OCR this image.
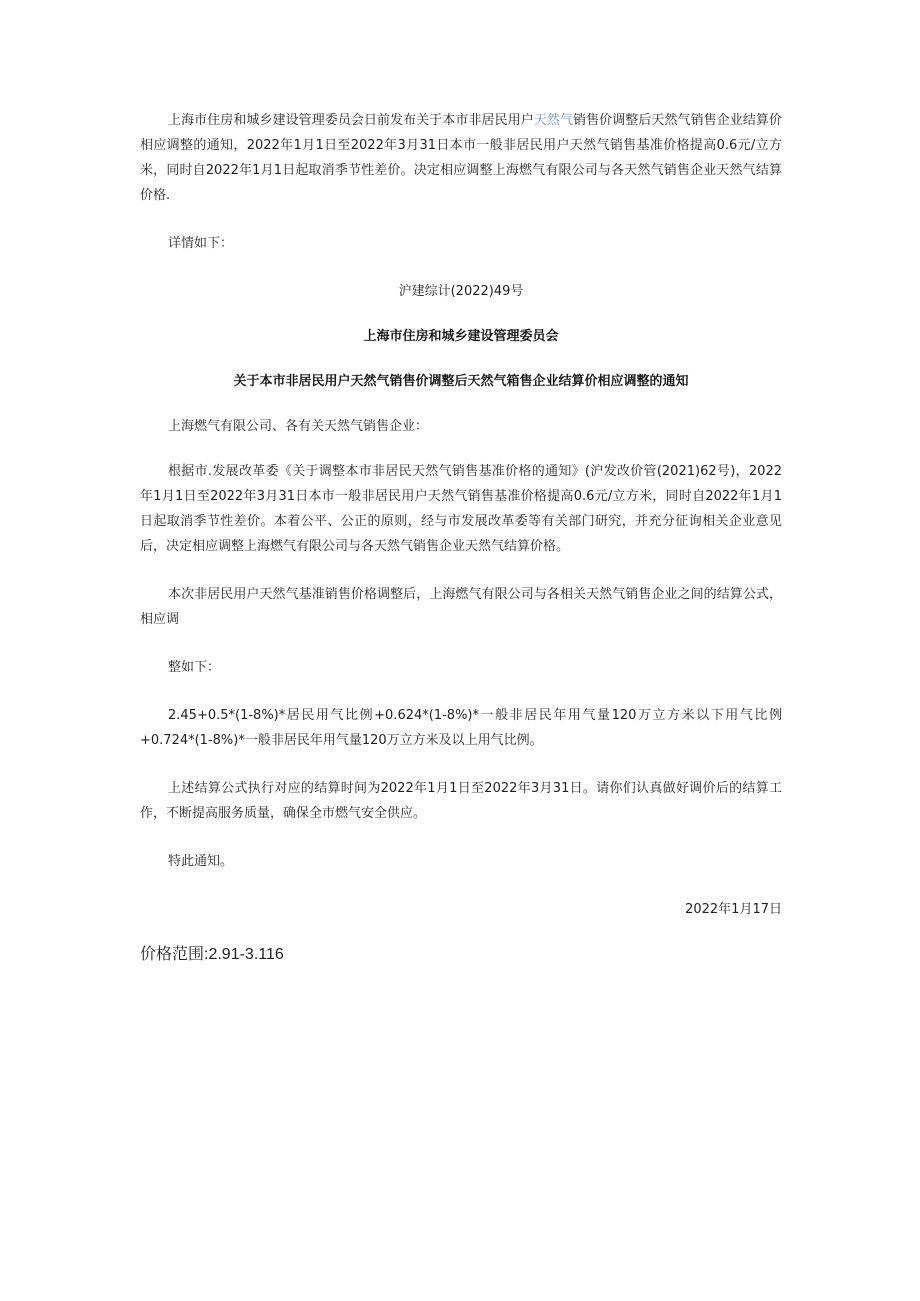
上海市住房和城乡建设管理委员会日前发布关于本市非居民用户天然气销售价调整后天然气销售企业结算价相应调整的通知，2022年1月1日至2022年3月31日本市一般非居民用户天然气销售基准价格提高0.6元/立方米，同时自2022年1月1日起取消季节性差价。决定相应调整上海燃气有限公司与各天然气销售企业天然气结算价格.

详情如下：

沪建综计(2022)49号

上海市住房和城乡建设管理委员会

关于本市非居民用户天然气销售价调整后天然气箱售企业结算价相应调整的通知

上海燃气有限公司、各有关天然气销售企业：

根据市.发展改革委《关于调整本市非居民天然气销售基准价格的通知》(沪发改价管(2021)62号)，2022年1月1日至2022年3月31日本市一般非居民用户天然气销售基准价格提高0.6元/立方米，同时自2022年1月1日起取消季节性差价。本着公平、公正的原则，经与市发展改革委等有关部门研究，并充分征询相关企业意见后，决定相应调整上海燃气有限公司与各天然气销售企业天然气结算价格。

本次非居民用户天然气基准销售价格调整后，上海燃气有限公司与各相关天然气销售企业之间的结算公式，相应调

整如下：

2.45+0.5*(1-8%)*居民用气比例+0.624*(1-8%)*一般非居民年用气量120万立方米以下用气比例+0.724*(1-8%)*一般非居民年用气量120万立方米及以上用气比例。

上述结算公式执行对应的结算时间为2022年1月1日至2022年3月31日。请你们认真做好调价后的结算工作，不断提高服务质量，确保全市燃气安全供应。

特此通知。

2022年1月17日

价格范围:2.91-3.116
